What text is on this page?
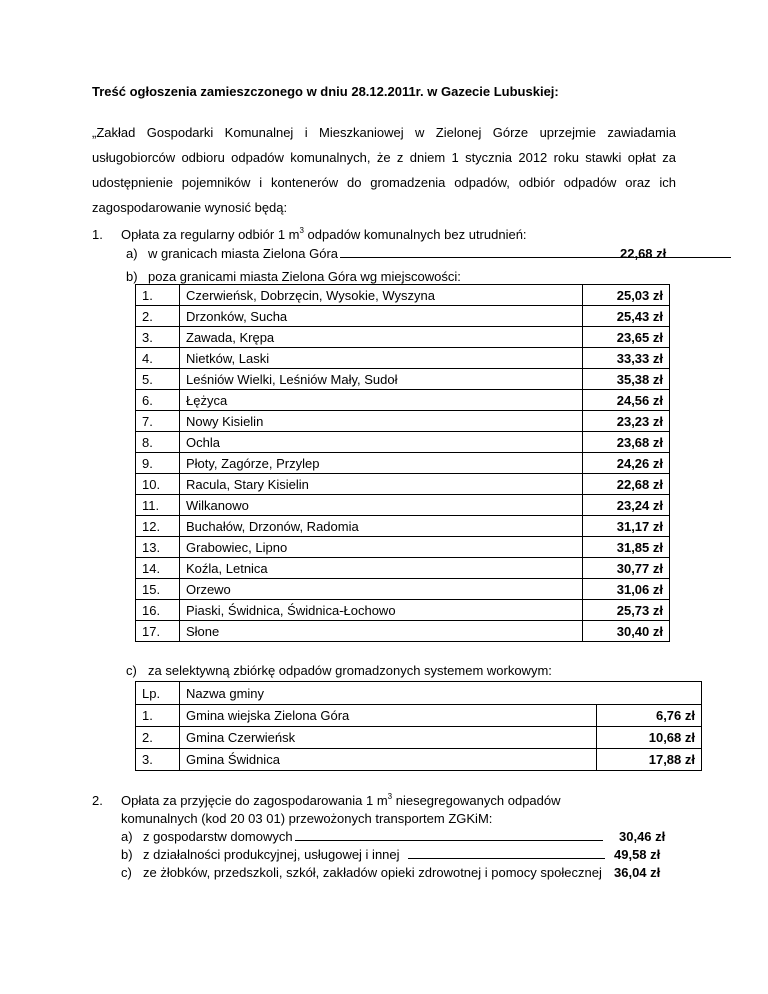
Treść ogłoszenia zamieszczonego w dniu 28.12.2011r. w Gazecie Lubuskiej:
„Zakład Gospodarki Komunalnej i Mieszkaniowej w Zielonej Górze uprzejmie zawiadamia
usługobiorców odbioru odpadów komunalnych, że z dniem 1 stycznia 2012 roku stawki opłat za
udostępnienie pojemników i kontenerów do gromadzenia odpadów, odbiór odpadów oraz ich
zagospodarowanie wynosić będą:
1. Opłata za regularny odbiór 1 $m^3$ odpadów komunalnych bez utrudnień:
a) w granicach miasta Zielona Góra	22,68 zł
b) poza granicami miasta Zielona Góra wg miejscowości:
1.	Czerwieńsk, Dobrzęcin, Wysokie, Wyszyna	25,03 zł
2.	Drzonków, Sucha	25,43 zł
3.	Zawada, Krępa	23,65 zł
4.	Nietków, Laski	33,33 zł
5.	Leśniów Wielki, Leśniów Mały, Sudoł	35,38 zł
6.	Łężyca	24,56 zł
7.	Nowy Kisielin	23,23 zł
8.	Ochla	23,68 zł
9.	Płoty, Zagórze, Przylep	24,26 zł
10.	Racula, Stary Kisielin	22,68 zł
11.	Wilkanowo	23,24 zł
12.	Buchałów, Drzonów, Radomia	31,17 zł
13.	Grabowiec, Lipno	31,85 zł
14.	Koźla, Letnica	30,77 zł
15.	Orzewo	31,06 zł
16.	Piaski, Świdnica, Świdnica-Łochowo	25,73 zł
17.	Słone	30,40 zł
c) za selektywną zbiórkę odpadów gromadzonych systemem workowym:
Lp.	Nazwa gminy	
1.	Gmina wiejska Zielona Góra	6,76 zł
2.	Gmina Czerwieńsk	10,68 zł
3.	Gmina Świdnica	17,88 zł
2. Opłata za przyjęcie do zagospodarowania 1 $m^3$ niesegregowanych odpadów
komunalnych (kod 20 03 01) przewożonych transportem ZGKiM:
a) z gospodarstw domowych	30,46 zł
b) z działalności produkcyjnej, usługowej i innej	49,58 zł
c) ze żłobków, przedszkoli, szkół, zakładów opieki zdrowotnej i pomocy społecznej 36,04 zł
